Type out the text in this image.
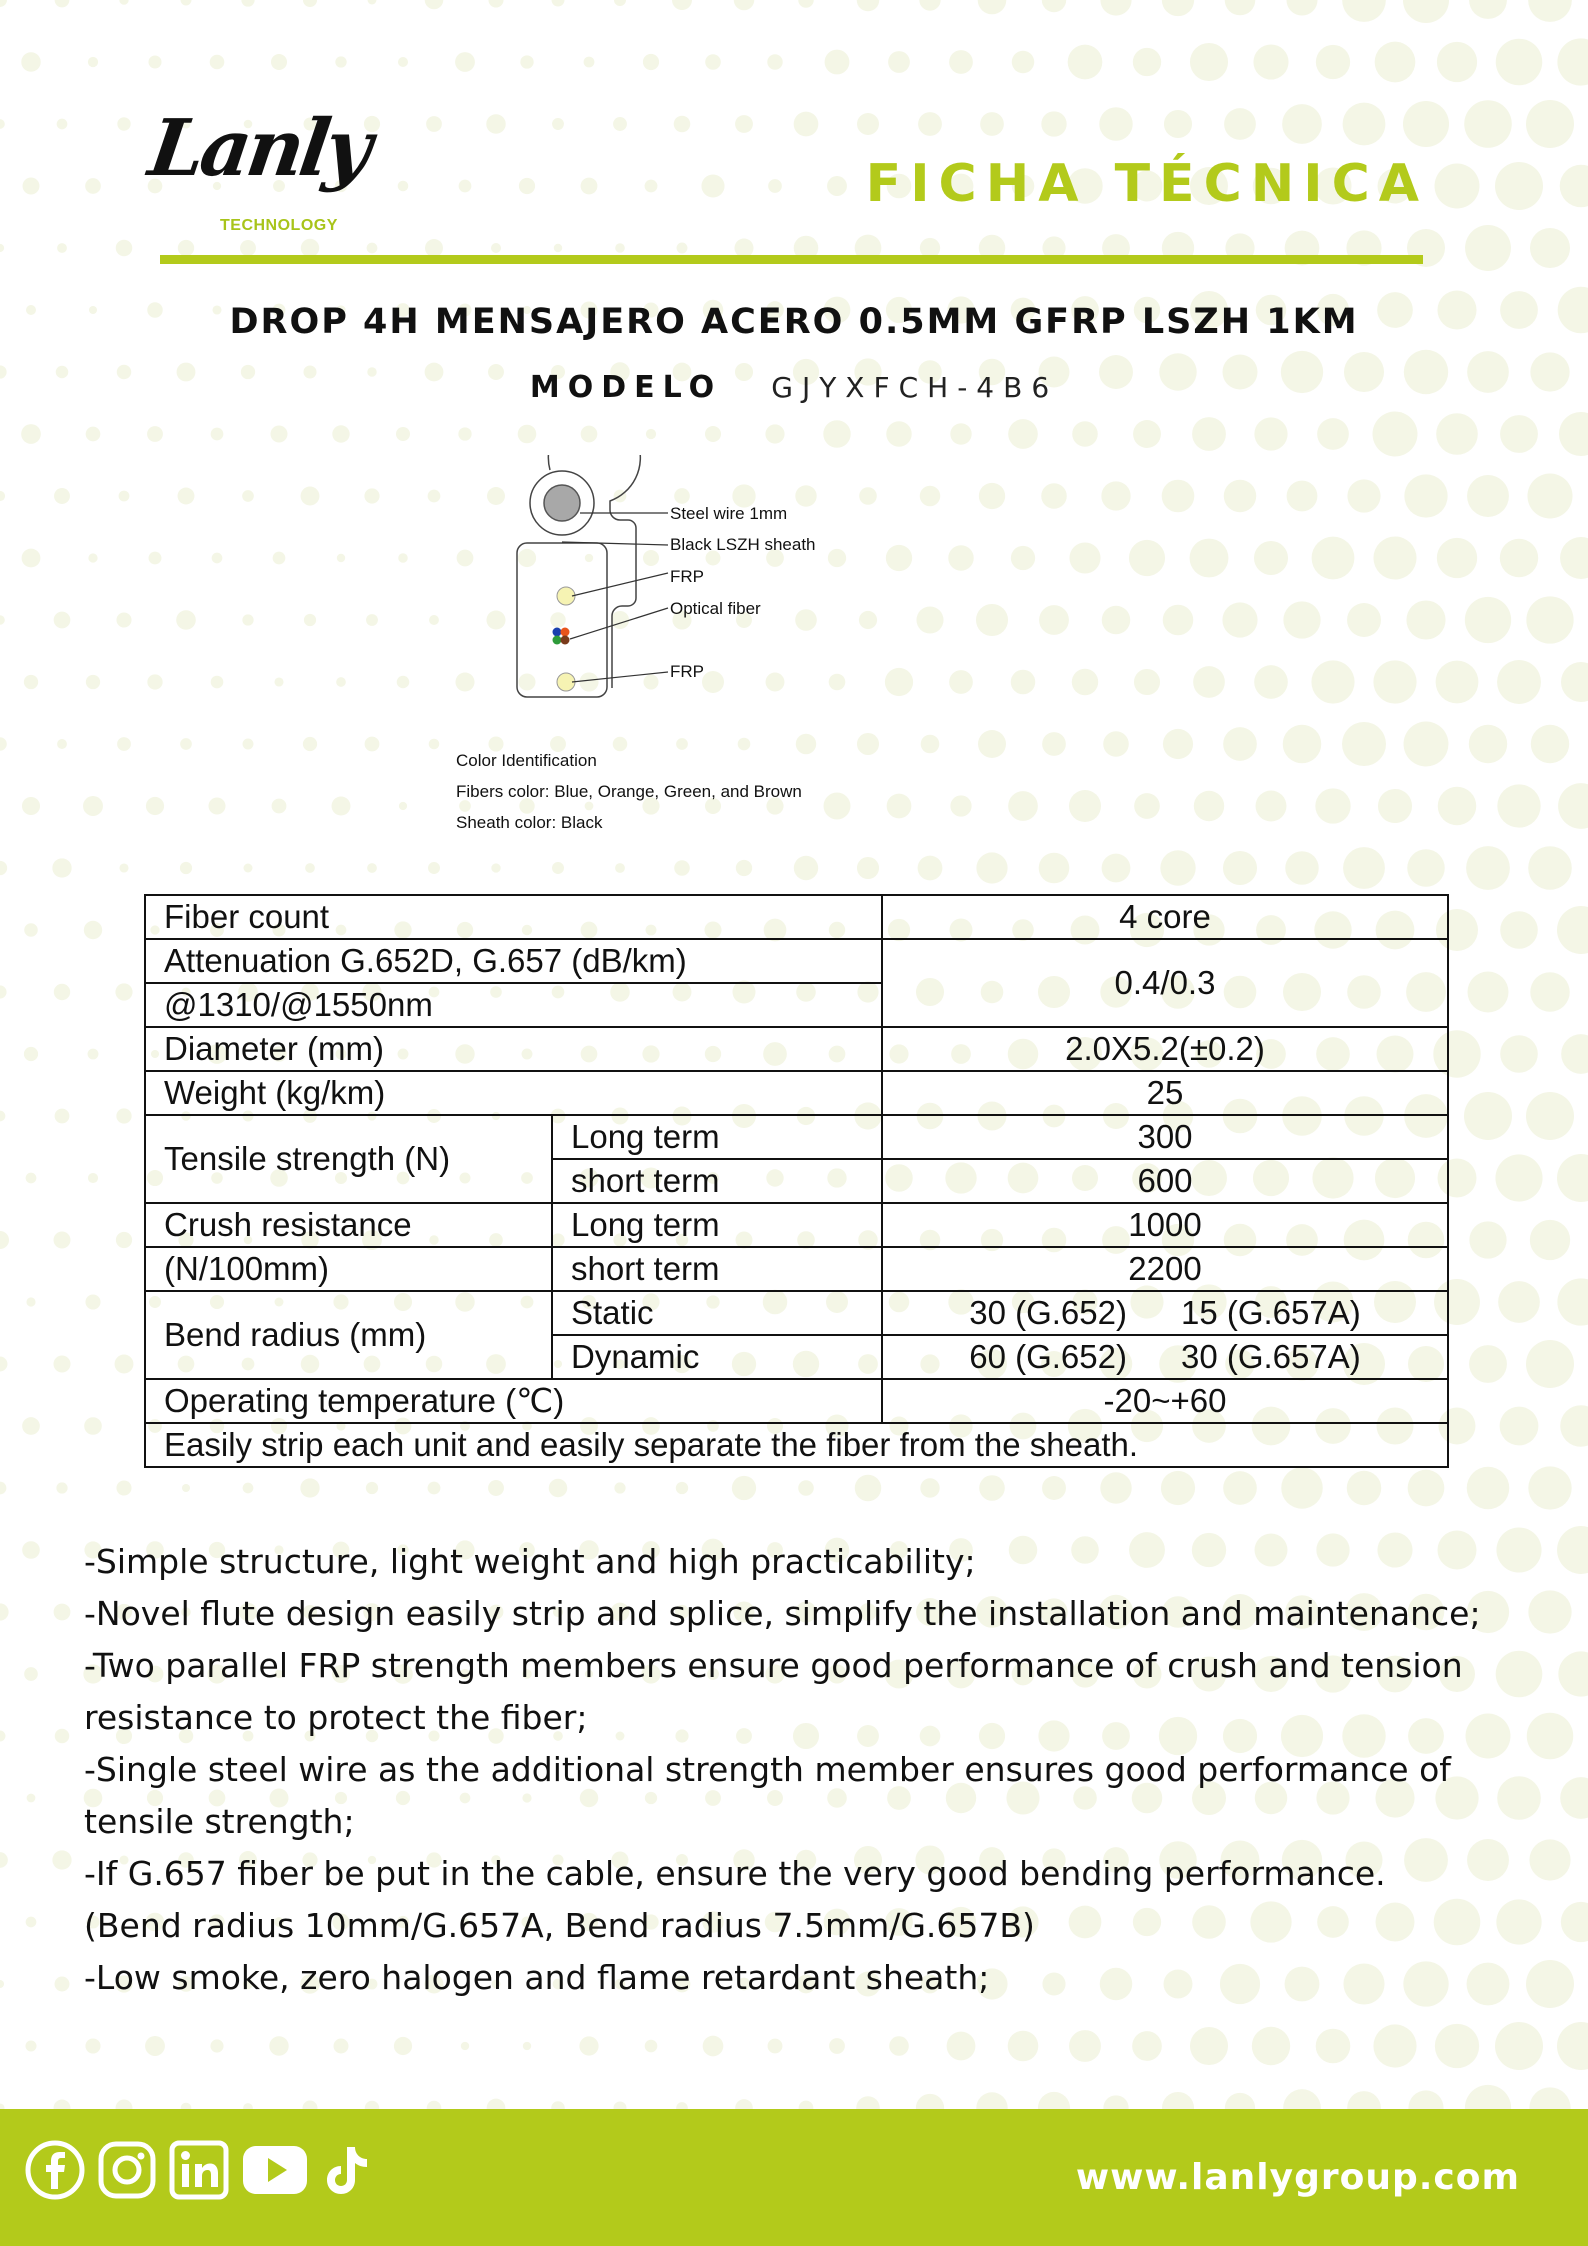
Lanly
TECHNOLOGY
FICHA TÉCNICA
DROP 4H MENSAJERO ACERO 0.5MM GFRP LSZH 1KM
MODELO GJYXFCH-4B6
Steel wire 1mm
Black LSZH sheath
FRP
Optical fiber
FRP
Color Identification
Fibers color: Blue, Orange, Green, and Brown
Sheath color: Black
Fiber count		4 core
Attenuation G.652D, G.657 (dB/km)		0.4/0.3
@1310/@1550nm		
Diameter (mm)		2.0X5.2(±0.2)
Weight (kg/km)		25
Tensile strength (N)	Long term	300
	short term	600
Crush resistance	Long term	1000
(N/100mm)	short term	2200
Bend radius (mm)	Static	30 (G.652) 15 (G.657A)

	Dynamic	60 (G.652) 30 (G.657A)

Operating temperature (℃)		-20~+60
Easily strip each unit and easily separate the fiber from the sheath.		
-Simple structure, light weight and high practicability;
-Novel flute design easily strip and splice, simplify the installation and maintenance;
-Two parallel FRP strength members ensure good performance of crush and tension resistance to protect the fiber;
-Single steel wire as the additional strength member ensures good performance of tensile strength;
-If G.657 fiber be put in the cable, ensure the very good bending performance.
(Bend radius 10mm/G.657A, Bend radius 7.5mm/G.657B)
-Low smoke, zero halogen and flame retardant sheath;
www.lanlygroup.com
